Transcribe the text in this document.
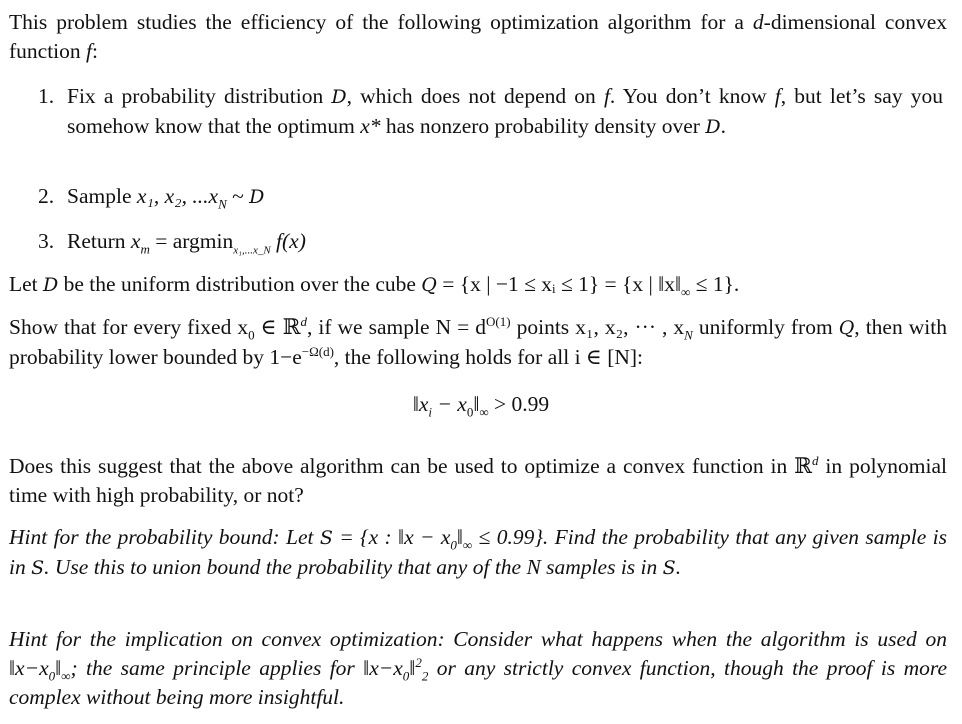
This problem studies the efficiency of the following optimization algorithm for a d-dimensional convex function f:
1. Fix a probability distribution D, which does not depend on f. You don’t know f, but let’s say you somehow know that the optimum x* has nonzero probability density over D.
2. Sample x₁, x₂, $...x_N$ ~ D
3. Return $x_m = argmin_{x_1,...x\_N}$ f(x)
Let D be the uniform distribution over the cube Q = {x | −1 ≤ xᵢ ≤ 1} = {x | $‖x‖_\infty \le 1$}.
Show that for every fixed $x_0$ ∈ ℝ$^d$, if we sample $N = d^{O(1)}$ points x₁, x₂, ··· , $x_N$ uniformly from Q, then with probability lower bounded by $1-e^{-\Omega(d)}$, the following holds for all i ∈ [N]:
$‖x_i$ − $x_0‖_\infty > 0.99$
Does this suggest that the above algorithm can be used to optimize a convex function in ℝ$^d$ in polynomial time with high probability, or not?
Hint for the probability bound: Let S = {x : ‖x − $x_0‖_\infty \le 0.99$}. Find the probability that any given sample is in S. Use this to union bound the probability that any of the N samples is in S.
Hint for the implication on convex optimization: Consider what happens when the algorithm is used on $‖x-x_0‖_\infty$; the same principle applies for $‖x-x_0‖^2_2$ or any strictly convex function, though the proof is more complex without being more insightful.
